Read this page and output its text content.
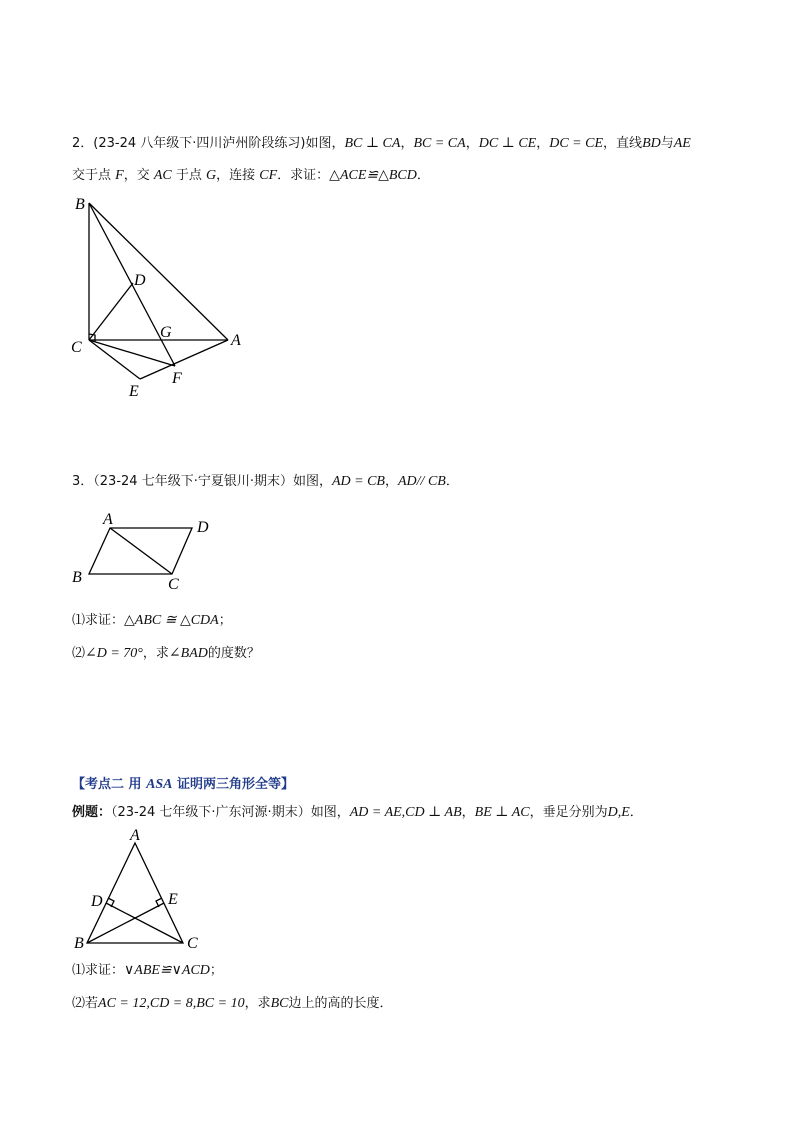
2．(23-24 八年级下·四川泸州阶段练习)如图，BC ⊥ CA，BC = CA，DC ⊥ CE，DC = CE，直线BD与AE
交于点 F，交 AC 于点 G，连接 CF．求证：△ACE≌△BCD．
B
D
G
C	A
F
E
3．（23-24 七年级下·宁夏银川·期末）如图，AD = CB，AD// CB．
A	D
B	C
⑴求证：△ABC ≅ △CDA；
⑵∠D = 70°，求∠BAD的度数？
【考点二 用 ASA 证明两三角形全等】
例题：（23-24 七年级下·广东河源·期末）如图，AD = AE,CD ⊥ AB，BE ⊥ AC，垂足分别为D,E．
A
D	E
B	C
⑴求证：∨ABE≌∨ACD；
⑵若AC = 12,CD = 8,BC = 10，求BC边上的高的长度．
